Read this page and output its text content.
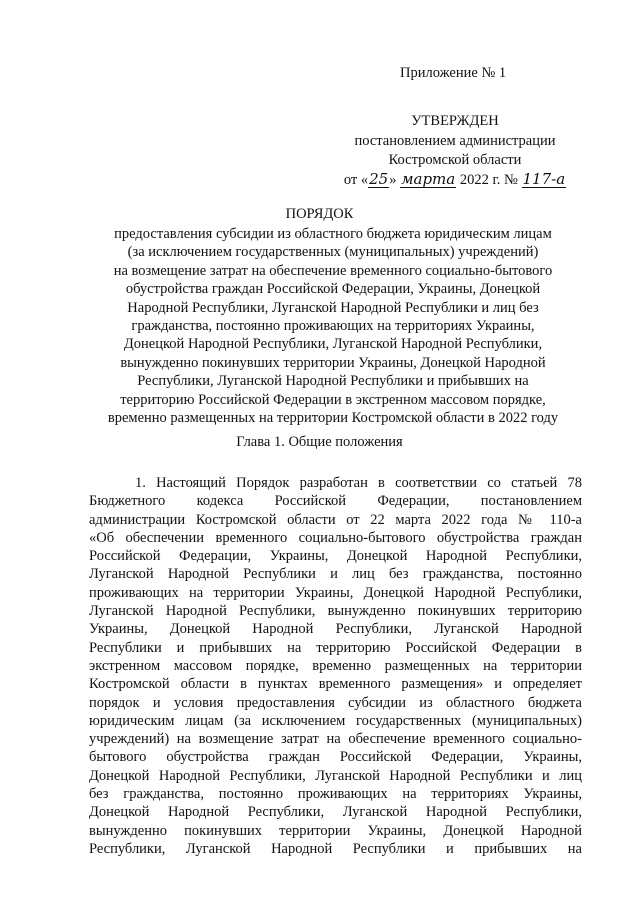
Приложение № 1
УТВЕРЖДЕН
постановлением администрации
Костромской области
от «25» марта 2022 г. № 117-а
ПОРЯДОК
предоставления субсидии из областного бюджета юридическим лицам
(за исключением государственных (муниципальных) учреждений)
на возмещение затрат на обеспечение временного социально-бытового
обустройства граждан Российской Федерации, Украины, Донецкой
Народной Республики, Луганской Народной Республики и лиц без
гражданства, постоянно проживающих на территориях Украины,
Донецкой Народной Республики, Луганской Народной Республики,
вынужденно покинувших территории Украины, Донецкой Народной
Республики, Луганской Народной Республики и прибывших на
территорию Российской Федерации в экстренном массовом порядке,
временно размещенных на территории Костромской области в 2022 году
Глава 1. Общие положения
1. Настоящий Порядок разработан в соответствии со статьей 78
Бюджетного кодекса Российской Федерации, постановлением
администрации Костромской области от 22 марта 2022 года № 110-а
«Об обеспечении временного социально-бытового обустройства граждан
Российской Федерации, Украины, Донецкой Народной Республики,
Луганской Народной Республики и лиц без гражданства, постоянно
проживающих на территории Украины, Донецкой Народной Республики,
Луганской Народной Республики, вынужденно покинувших территорию
Украины, Донецкой Народной Республики, Луганской Народной
Республики и прибывших на территорию Российской Федерации в
экстренном массовом порядке, временно размещенных на территории
Костромской области в пунктах временного размещения» и определяет
порядок и условия предоставления субсидии из областного бюджета
юридическим лицам (за исключением государственных (муниципальных)
учреждений) на возмещение затрат на обеспечение временного социально-
бытового обустройства граждан Российской Федерации, Украины,
Донецкой Народной Республики, Луганской Народной Республики и лиц
без гражданства, постоянно проживающих на территориях Украины,
Донецкой Народной Республики, Луганской Народной Республики,
вынужденно покинувших территории Украины, Донецкой Народной
Республики, Луганской Народной Республики и прибывших на
